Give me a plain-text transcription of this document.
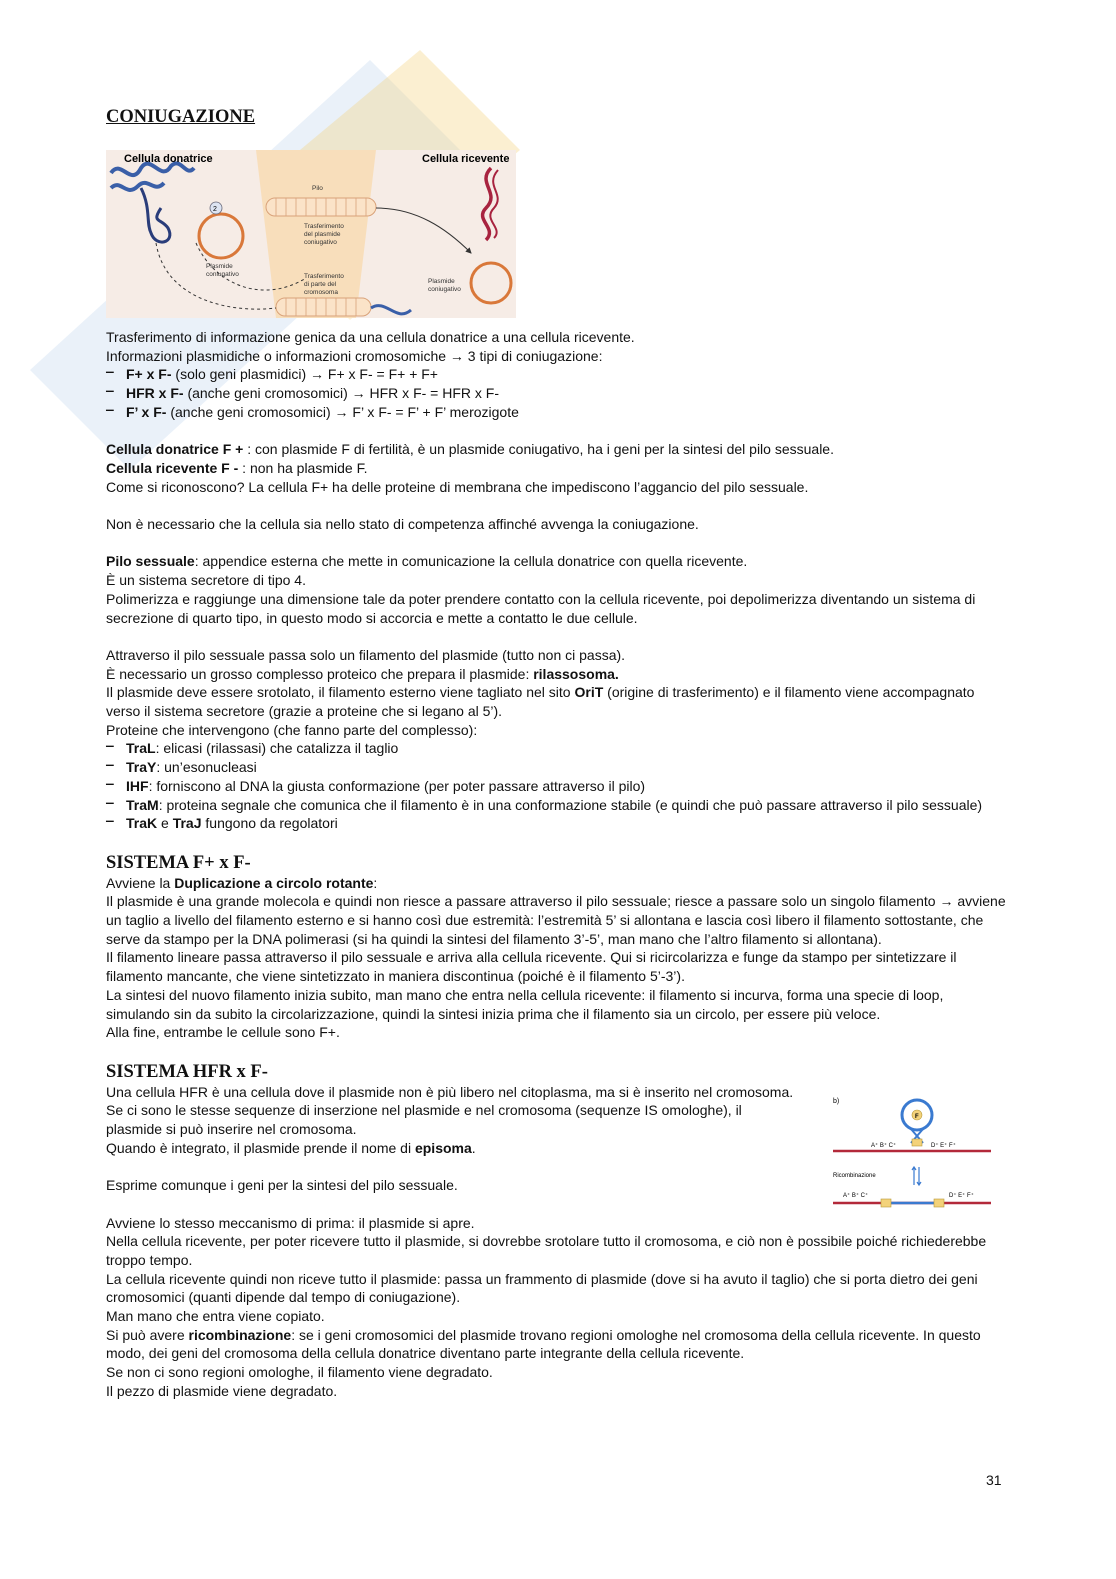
CONIUGAZIONE
2
Cellula donatrice	Cellula ricevente
Pilo
Trasferimento
del plasmide
coniugativo
Trasferimento
di parte del
cromosoma
Plasmide
coniugativo
Plasmide
coniugativo

Trasferimento di informazione genica da una cellula donatrice a una cellula ricevente.

Informazioni plasmidiche o informazioni cromosomiche → 3 tipi di coniugazione:

‒ F+ x F- (solo geni plasmidici) → F+ x F- = F+ + F+
‒ HFR x F- (anche geni cromosomici) → HFR x F- = HFR x F-
‒ F’ x F- (anche geni cromosomici) → F’ x F- = F’ + F’ merozigote

Cellula donatrice F + : con plasmide F di fertilità, è un plasmide coniugativo, ha i geni per la sintesi del pilo sessuale.

Cellula ricevente F - : non ha plasmide F.

Come si riconoscono? La cellula F+ ha delle proteine di membrana che impediscono l’aggancio del pilo sessuale.

Non è necessario che la cellula sia nello stato di competenza affinché avvenga la coniugazione.

Pilo sessuale: appendice esterna che mette in comunicazione la cellula donatrice con quella ricevente.

È un sistema secretore di tipo 4.

Polimerizza e raggiunge una dimensione tale da poter prendere contatto con la cellula ricevente, poi depolimerizza diventando un sistema di secrezione di quarto tipo, in questo modo si accorcia e mette a contatto le due cellule.

Attraverso il pilo sessuale passa solo un filamento del plasmide (tutto non ci passa).

È necessario un grosso complesso proteico che prepara il plasmide: rilassosoma.

Il plasmide deve essere srotolato, il filamento esterno viene tagliato nel sito OriT (origine di trasferimento) e il filamento viene accompagnato verso il sistema secretore (grazie a proteine che si legano al 5’).

Proteine che intervengono (che fanno parte del complesso):

‒ TraL: elicasi (rilassasi) che catalizza il taglio
‒ TraY: un’esonucleasi
‒ IHF: forniscono al DNA la giusta conformazione (per poter passare attraverso il pilo)
‒ TraM: proteina segnale che comunica che il filamento è in una conformazione stabile (e quindi che può passare attraverso il pilo sessuale)
‒ TraK e TraJ fungono da regolatori
SISTEMA F+ x F-

Avviene la Duplicazione a circolo rotante:

Il plasmide è una grande molecola e quindi non riesce a passare attraverso il pilo sessuale; riesce a passare solo un singolo filamento → avviene un taglio a livello del filamento esterno e si hanno così due estremità: l’estremità 5’ si allontana e lascia così libero il filamento sottostante, che serve da stampo per la DNA polimerasi (si ha quindi la sintesi del filamento 3’-5’, man mano che l’altro filamento si allontana).

Il filamento lineare passa attraverso il pilo sessuale e arriva alla cellula ricevente. Qui si ricircolarizza e funge da stampo per sintetizzare il filamento mancante, che viene sintetizzato in maniera discontinua (poiché è il filamento 5’-3’).

La sintesi del nuovo filamento inizia subito, man mano che entra nella cellula ricevente: il filamento si incurva, forma una specie di loop, simulando sin da subito la circolarizzazione, quindi la sintesi inizia prima che il filamento sia un circolo, per essere più veloce.

Alla fine, entrambe le cellule sono F+.

SISTEMA HFR x F-

Una cellula HFR è una cellula dove il plasmide non è più libero nel citoplasma, ma si è inserito nel cromosoma.

Se ci sono le stesse sequenze di inserzione nel plasmide e nel cromosoma (sequenze IS omologhe), il plasmide si può inserire nel cromosoma.

Quando è integrato, il plasmide prende il nome di episoma.

Esprime comunque i geni per la sintesi del pilo sessuale.

b)
F
A⁺ B⁺ C⁺	D⁺ E⁺ F⁺
Ricombinazione
A⁺ B⁺ C⁺	D⁺ E⁺ F⁺

Avviene lo stesso meccanismo di prima: il plasmide si apre.

Nella cellula ricevente, per poter ricevere tutto il plasmide, si dovrebbe srotolare tutto il cromosoma, e ciò non è possibile poiché richiederebbe troppo tempo.

La cellula ricevente quindi non riceve tutto il plasmide: passa un frammento di plasmide (dove si ha avuto il taglio) che si porta dietro dei geni cromosomici (quanti dipende dal tempo di coniugazione).

Man mano che entra viene copiato.

Si può avere ricombinazione: se i geni cromosomici del plasmide trovano regioni omologhe nel cromosoma della cellula ricevente. In questo modo, dei geni del cromosoma della cellula donatrice diventano parte integrante della cellula ricevente.

Se non ci sono regioni omologhe, il filamento viene degradato.

Il pezzo di plasmide viene degradato.

31
